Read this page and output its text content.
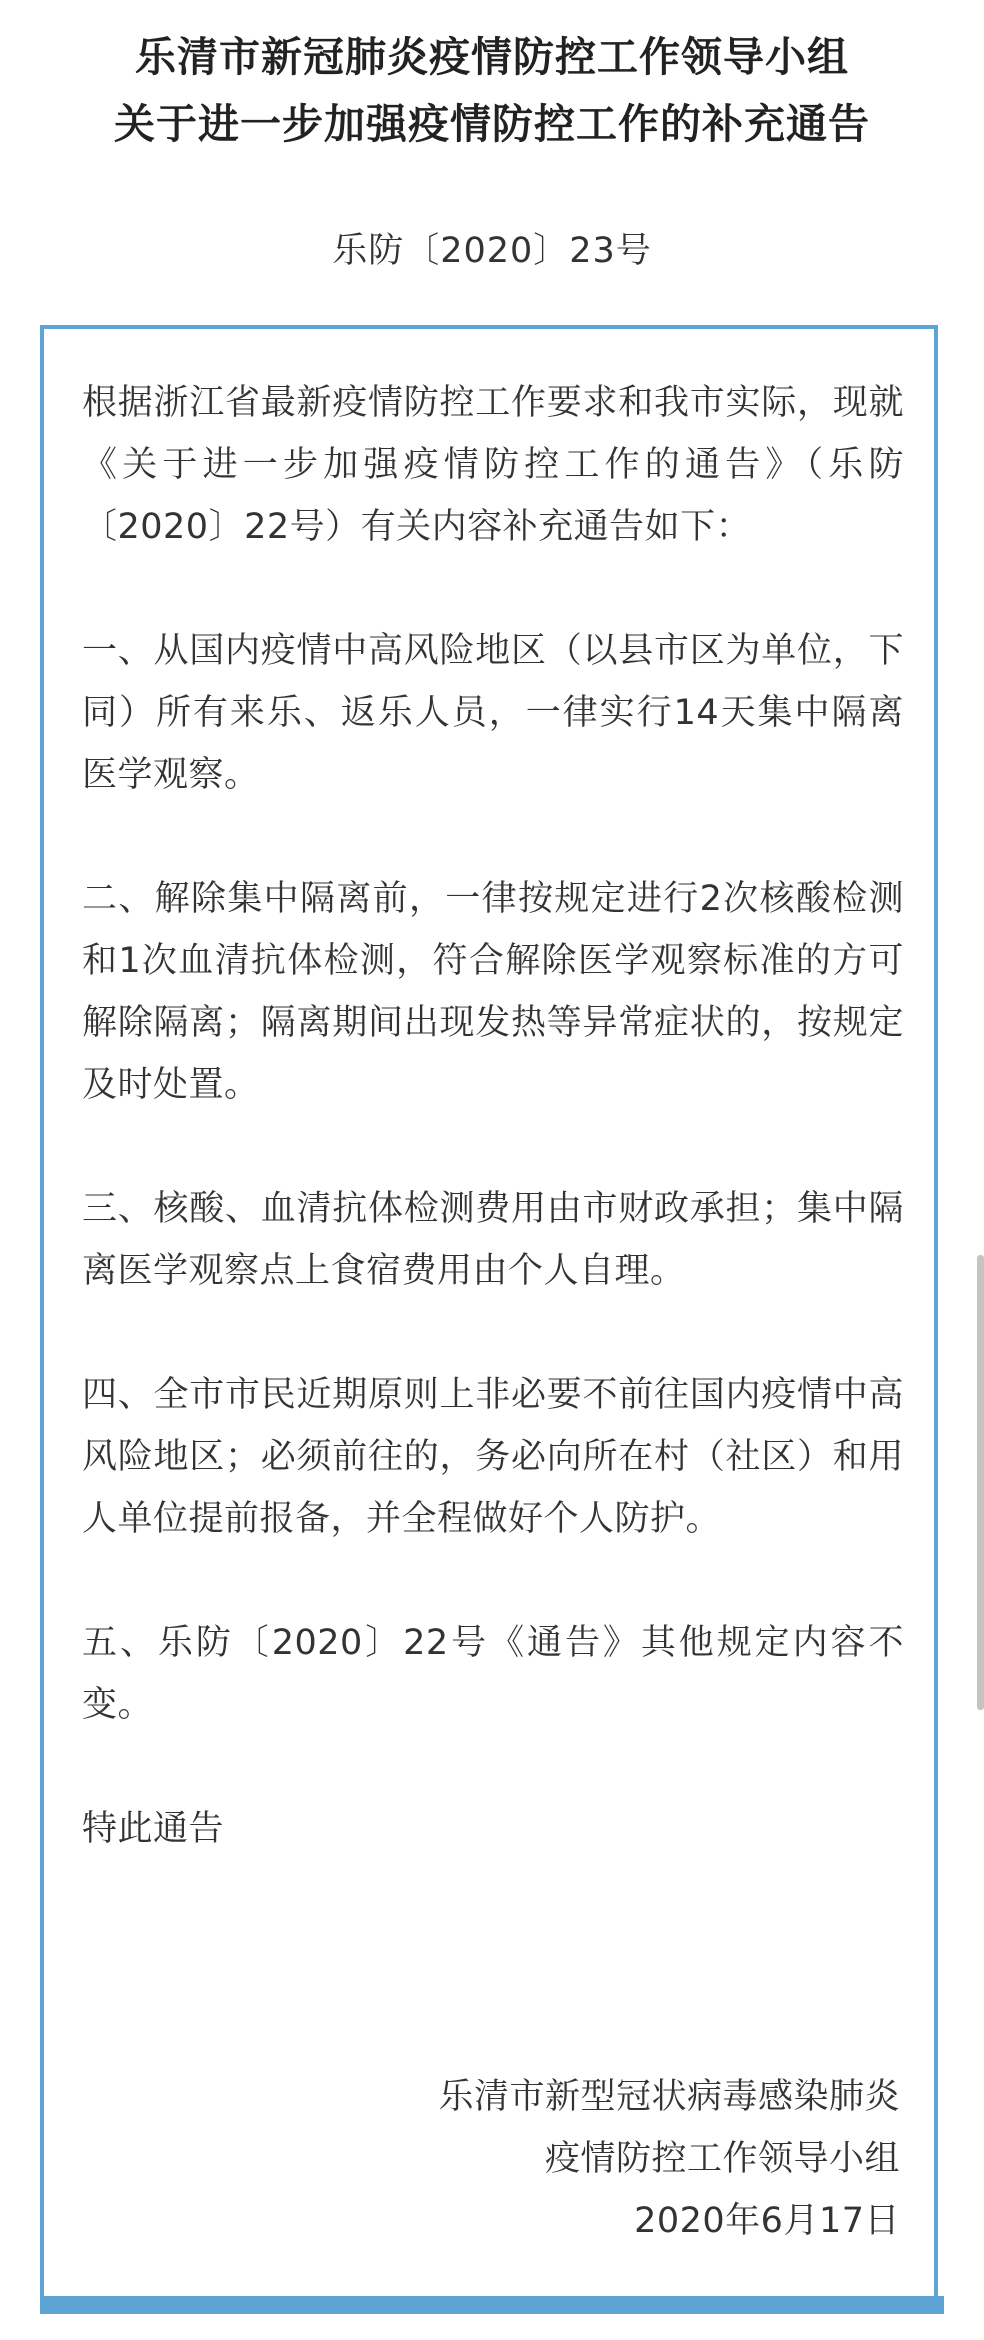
乐清市新冠肺炎疫情防控工作领导小组
关于进一步加强疫情防控工作的补充通告
乐防〔2020〕23号

根据浙江省最新疫情防控工作要求和我市实际，现就《关于进一步加强疫情防控工作的通告》（乐防〔2020〕22号）有关内容补充通告如下：

一、从国内疫情中高风险地区（以县市区为单位，下同）所有来乐、返乐人员，一律实行14天集中隔离医学观察。

二、解除集中隔离前，一律按规定进行2次核酸检测和1次血清抗体检测，符合解除医学观察标准的方可解除隔离；隔离期间出现发热等异常症状的，按规定及时处置。

三、核酸、血清抗体检测费用由市财政承担；集中隔离医学观察点上食宿费用由个人自理。

四、全市市民近期原则上非必要不前往国内疫情中高风险地区；必须前往的，务必向所在村（社区）和用人单位提前报备，并全程做好个人防护。

五、乐防〔2020〕22号《通告》其他规定内容不变。

特此通告

乐清市新型冠状病毒感染肺炎
疫情防控工作领导小组
2020年6月17日
